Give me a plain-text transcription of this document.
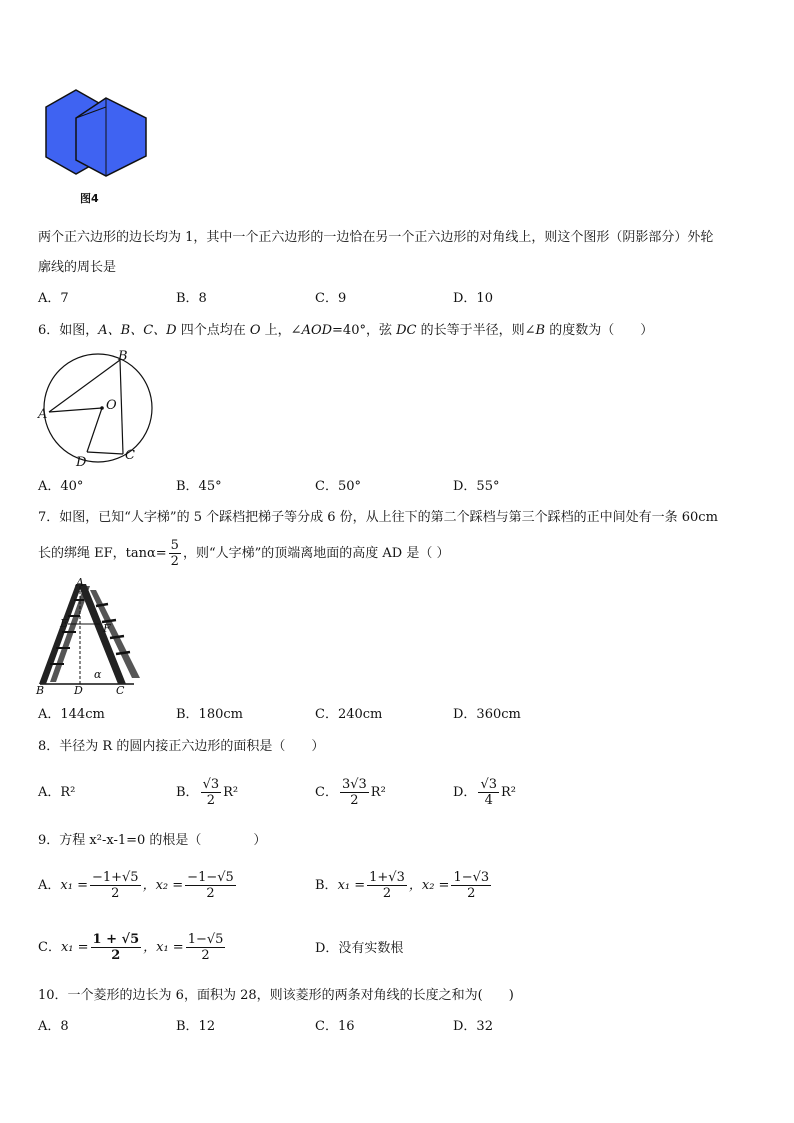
图4
两个正六边形的边长均为 1，其中一个正六边形的一边恰在另一个正六边形的对角线上，则这个图形（阴影部分）外轮
廓线的周长是
A．7	B．8	C．9	D．10
6．如图，A、B、C、D 四个点均在 O 上，∠AOD=40°，弦 DC 的长等于半径，则∠B 的度数为（　　）
A
B
C
D
O
A．40°	B．45°	C．50°	D．55°
7．如图，已知“人字梯”的 5 个踩档把梯子等分成 6 份，从上往下的第二个踩档与第三个踩档的正中间处有一条 60cm
长的绑绳 EF，$\tan\alpha= \frac{5}{2}$ ，则“人字梯”的顶端离地面的高度 AD 是（ ）
A
B	C
D
E	F
α
A．144cm	B．180cm	C．240cm	D．360cm
8．半径为 R 的圆内接正六边形的面积是（　　）
A．R²	B． $\frac{√3}{2} R^2$	C． $\frac{3√3}{2} R^2$	D． $\frac{√3}{4} R^2$
9．方程 x²-x-1=0 的根是（　　　　）
A．$x_1 = \frac{-1+√5}{2}$ ，$x_2 = \frac{-1-√5}{2}$	B．$x_1 = \frac{1+√3}{2}$ ，$x_2 = \frac{1-√3}{2}$
C．$x_1 = \frac{1 + √5}{2}$ ，$x_1 = \frac{1-√5}{2}$	D．没有实数根
10．一个菱形的边长为 6，面积为 28，则该菱形的两条对角线的长度之和为(　　)
A．8	B．12	C．16	D．32
